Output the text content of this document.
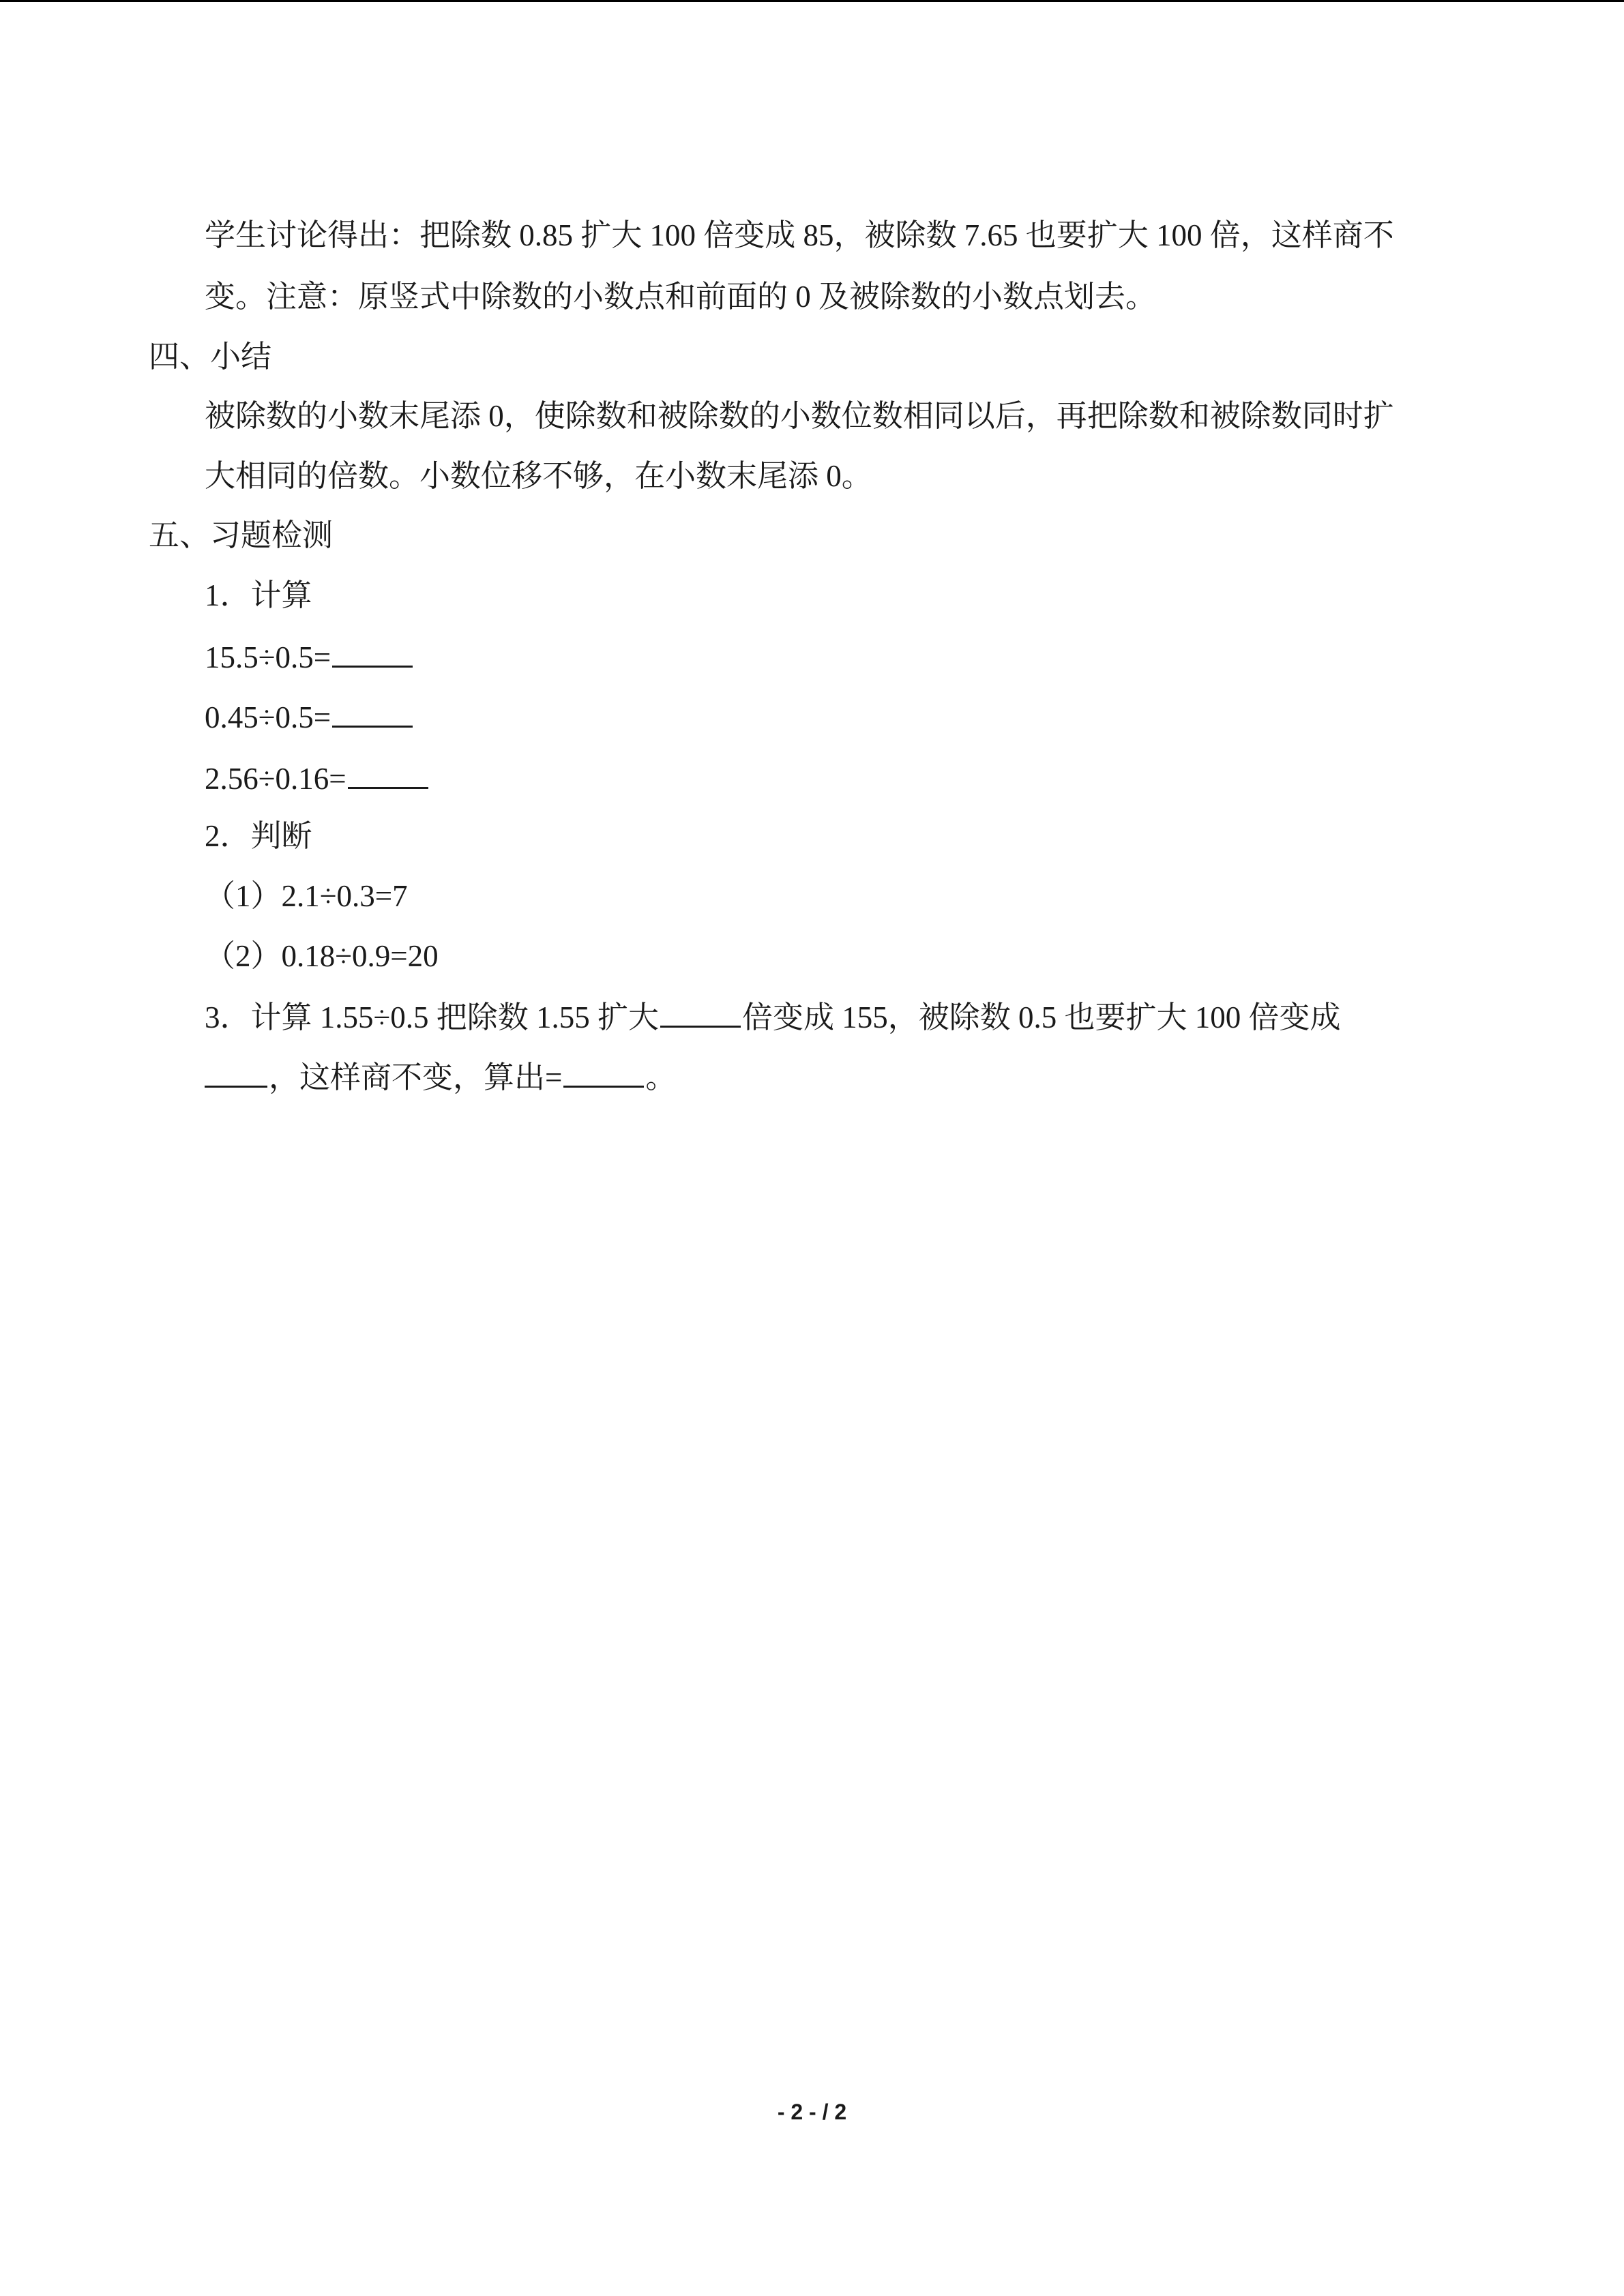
学生讨论得出：把除数 0.85 扩大 100 倍变成 85，被除数 7.65 也要扩大 100 倍，这样商不
变。注意：原竖式中除数的小数点和前面的 0 及被除数的小数点划去。
四、小结
被除数的小数末尾添 0，使除数和被除数的小数位数相同以后，再把除数和被除数同时扩
大相同的倍数。小数位移不够，在小数末尾添 0。
五、习题检测
1．计算
15.5÷0.5=
0.45÷0.5=
2.56÷0.16=
2．判断
（1）2.1÷0.3=7
（2）0.18÷0.9=20
3．计算 1.55÷0.5 把除数 1.55 扩大	倍变成 155，被除数 0.5 也要扩大 100 倍变成
，这样商不变，算出=	。
- 2 - / 2
